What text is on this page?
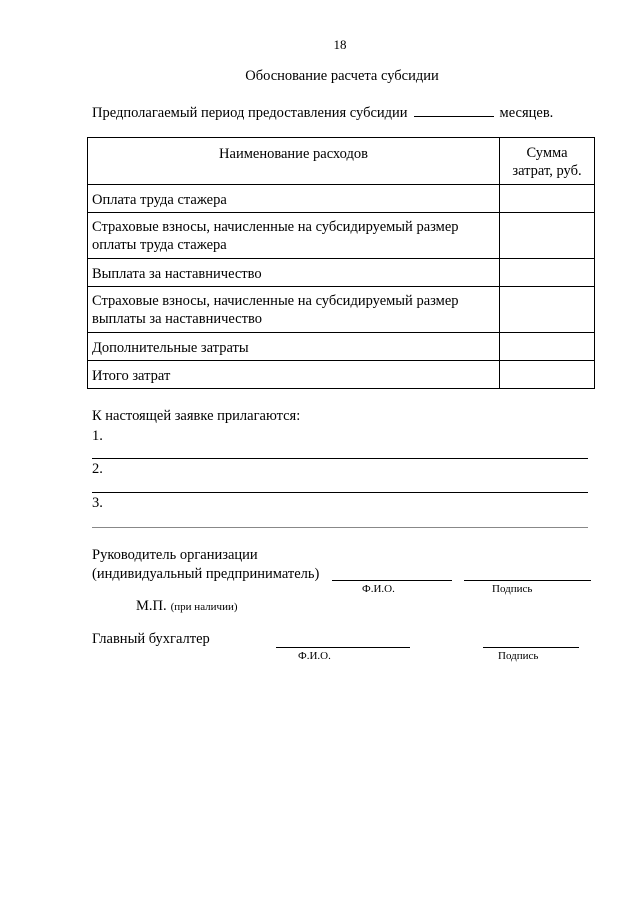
18
Обоснование расчета субсидии
Предполагаемый период предоставления субсидии	месяцев.
Наименование расходов	Сумма
затрат, руб.

Оплата труда стажера	

Страховые взносы, начисленные на субсидируемый размер
оплаты труда стажера	

Выплата за наставничество	

Страховые взносы, начисленные на субсидируемый размер
выплаты за наставничество	

Дополнительные затраты	
Итого затрат	
К настоящей заявке прилагаются:
1.
2.
3.
Руководитель организации
(индивидуальный предприниматель)
Ф.И.О.	Подпись
М.П. (при наличии)
Главный бухгалтер
Ф.И.О.	Подпись
